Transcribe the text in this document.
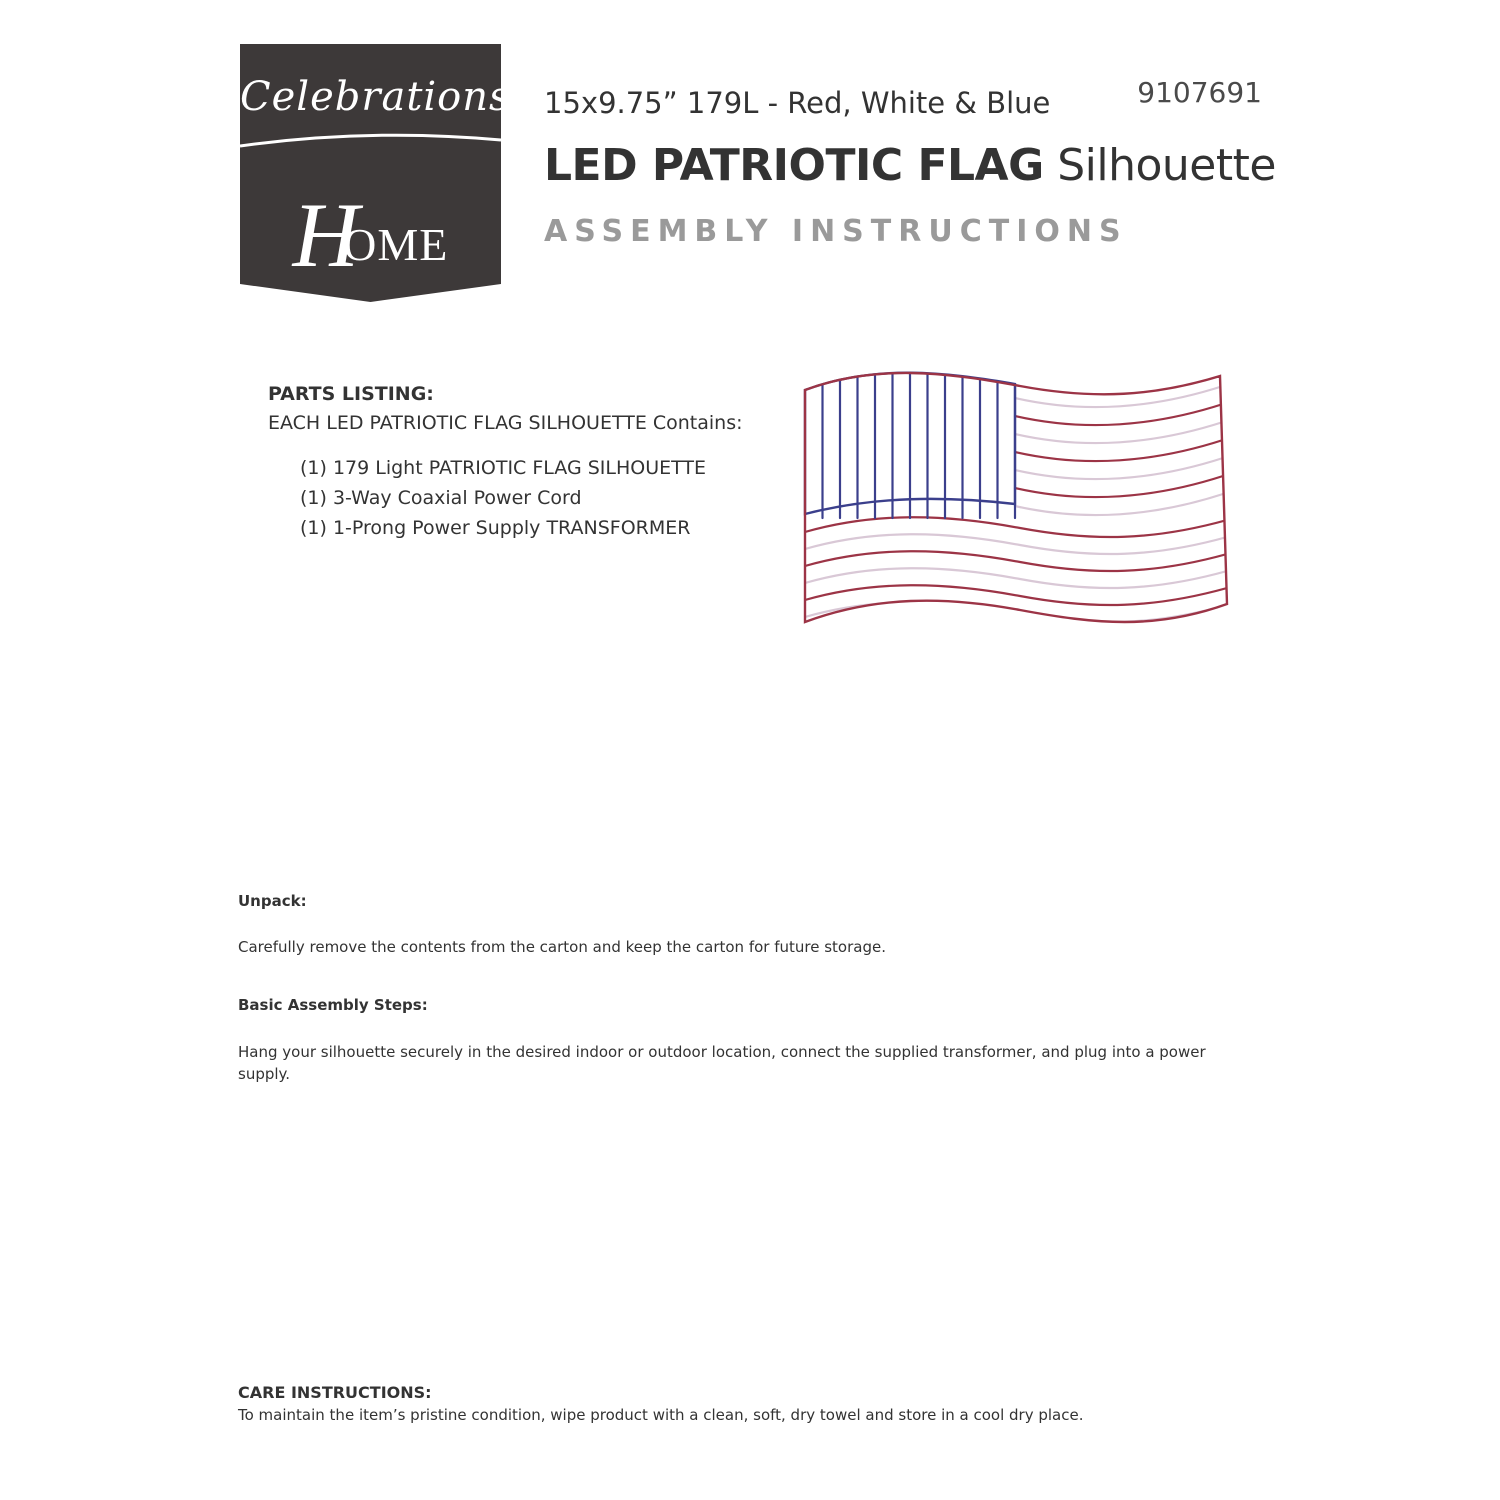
Celebrations
HOME
15x9.75” 179L - Red, White & Blue	9107691
LED PATRIOTIC FLAG Silhouette
ASSEMBLY INSTRUCTIONS
PARTS LISTING:
EACH LED PATRIOTIC FLAG SILHOUETTE Contains:
(1) 179 Light PATRIOTIC FLAG SILHOUETTE
(1) 3-Way Coaxial Power Cord
(1) 1-Prong Power Supply TRANSFORMER
Unpack:
Carefully remove the contents from the carton and keep the carton for future storage.
Basic Assembly Steps:
Hang your silhouette securely in the desired indoor or outdoor location, connect the supplied transformer, and plug into a power supply.
CARE INSTRUCTIONS:
To maintain the item’s pristine condition, wipe product with a clean, soft, dry towel and store in a cool dry place.
